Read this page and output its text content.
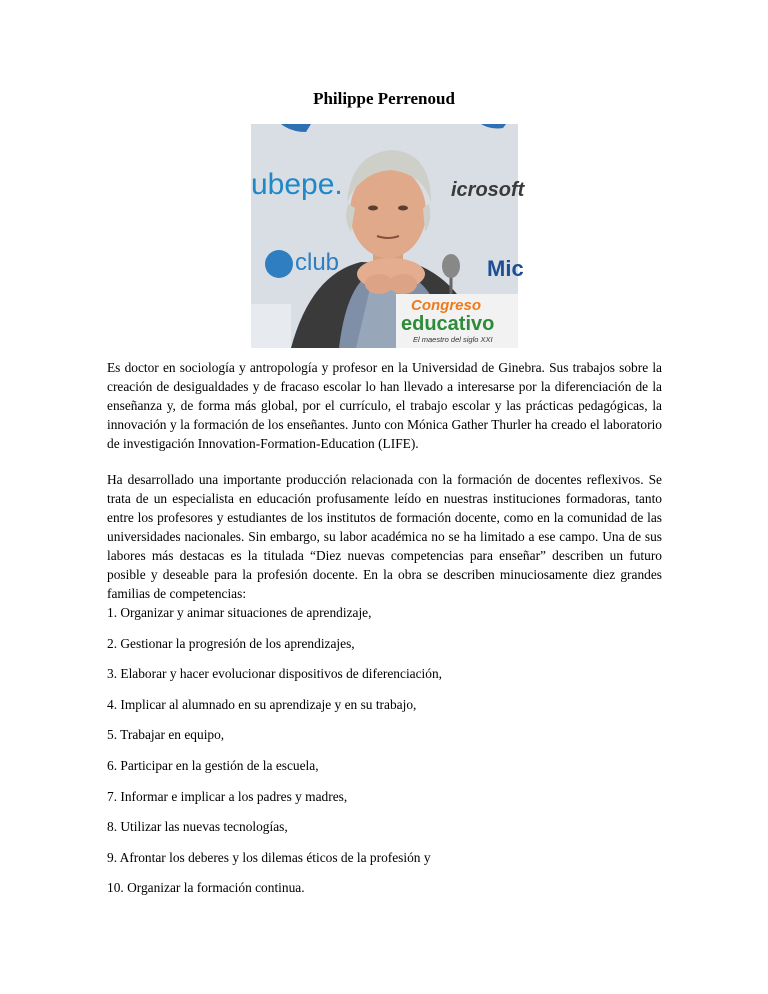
Philippe Perrenoud
ubepe.	icrosoft
club	Mic
Congreso
educativo
El maestro del siglo XXI
Es doctor en sociología y antropología y profesor en la Universidad de Ginebra. Sus trabajos sobre la creación de desigualdades y de fracaso escolar lo han llevado a interesarse por la diferenciación de la enseñanza y, de forma más global, por el currículo, el trabajo escolar y las prácticas pedagógicas, la innovación y la formación de los enseñantes. Junto con Mónica Gather Thurler ha creado el laboratorio de investigación Innovation-Formation-Education (LIFE).
Ha desarrollado una importante producción relacionada con la formación de docentes reflexivos. Se trata de un especialista en educación profusamente leído en nuestras instituciones formadoras, tanto entre los profesores y estudiantes de los institutos de formación docente, como en la comunidad de las universidades nacionales. Sin embargo, su labor académica no se ha limitado a ese campo. Una de sus labores más destacas es la titulada “Diez nuevas competencias para enseñar” describen un futuro posible y deseable para la profesión docente. En la obra se describen minuciosamente diez grandes familias de competencias:
1. Organizar y animar situaciones de aprendizaje,
2. Gestionar la progresión de los aprendizajes,
3. Elaborar y hacer evolucionar dispositivos de diferenciación,
4. Implicar al alumnado en su aprendizaje y en su trabajo,
5. Trabajar en equipo,
6. Participar en la gestión de la escuela,
7. Informar e implicar a los padres y madres,
8. Utilizar las nuevas tecnologías,
9. Afrontar los deberes y los dilemas éticos de la profesión y
10. Organizar la formación continua.
